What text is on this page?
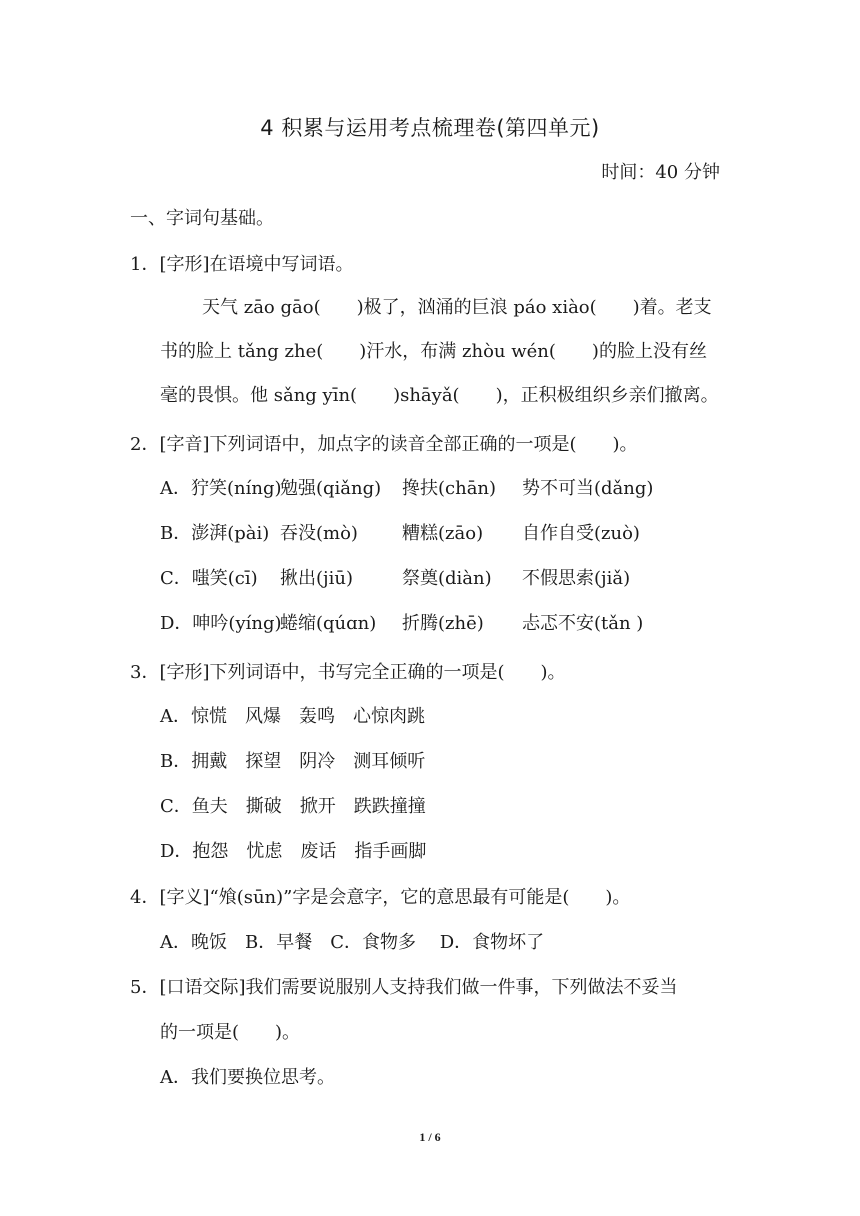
4 积累与运用考点梳理卷(第四单元)
时间：40 分钟
一、字词句基础。
1．[字形]在语境中写词语。
天气 zāo gāo(　　)极了，汹涌的巨浪 páo xiào(　　)着。老支
书的脸上 tǎng zhe(　　)汗水，布满 zhòu wén(　　)的脸上没有丝
毫的畏惧。他 sǎng yīn(　　)shāyǎ(　　)，正积极组织乡亲们撤离。
2．[字音]下列词语中，加点字的读音全部正确的一项是(　　)。
A．狞笑(níng)勉强(qiǎng) 搀扶(chān) 势不可当(dǎng)
B．澎湃(pài) 吞没(mò) 糟糕(zāo) 自作自受(zuò)
C．嗤笑(cī) 揪出(jiū)	祭奠(diàn) 不假思索(jiǎ)
D．呻吟(yíng)蜷缩(qúɑn) 折腾(zhē) 忐忑不安(tǎn )
3．[字形]下列词语中，书写完全正确的一项是(　　)。
A．惊慌　风爆　轰鸣　心惊肉跳
B．拥戴　探望　阴冷　测耳倾听
C．鱼夫　撕破　掀开　跌跌撞撞
D．抱怨　忧虑　废话　指手画脚
4．[字义]“飧(sūn)”字是会意字，它的意思最有可能是(　　)。
A．晚饭　B．早餐　C．食物多　 D．食物坏了
5．[口语交际]我们需要说服别人支持我们做一件事，下列做法不妥当
的一项是(　　)。
A．我们要换位思考。
1 / 6
